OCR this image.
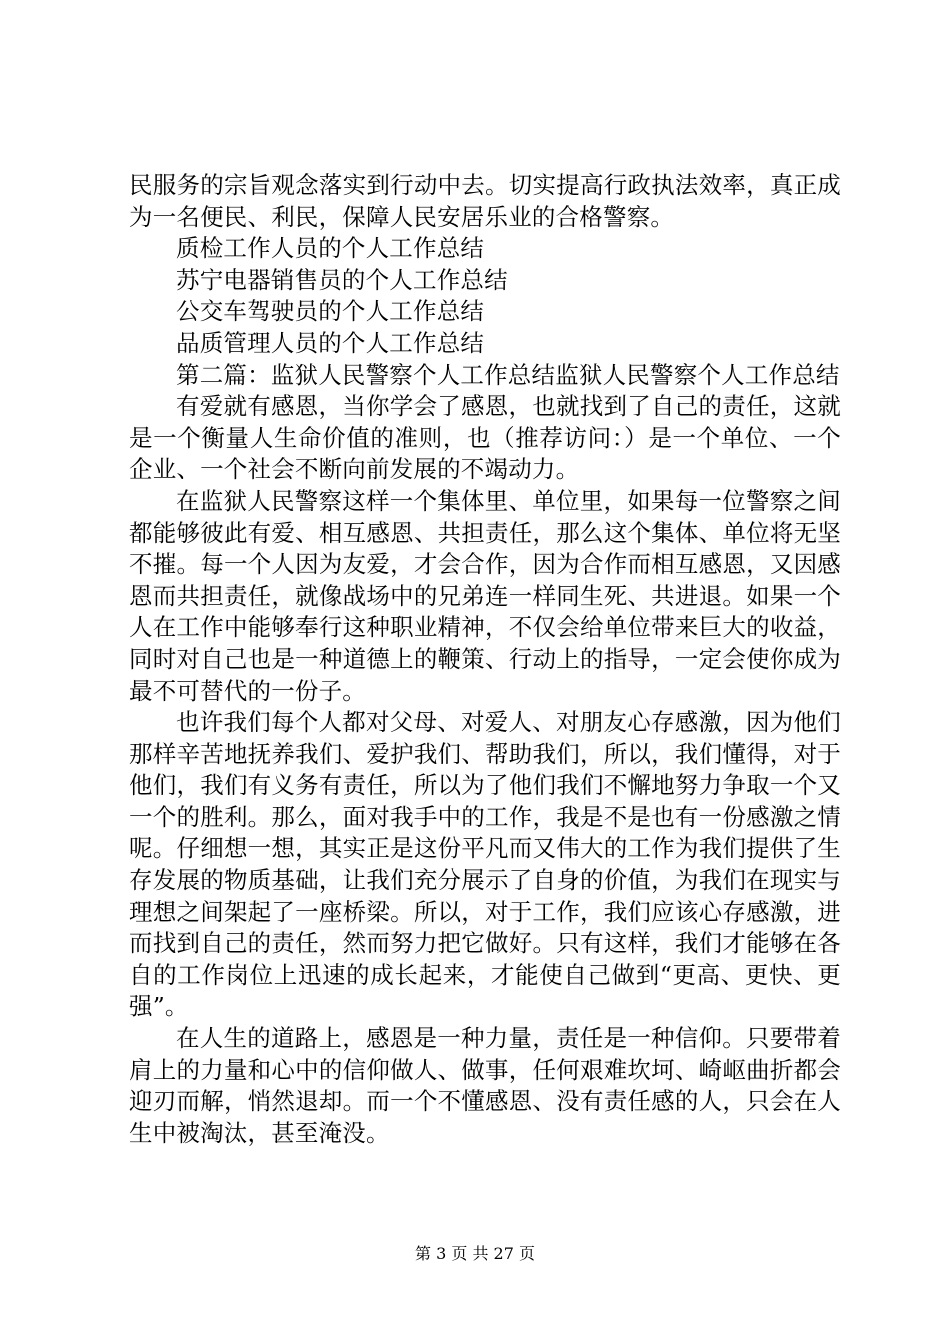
民服务的宗旨观念落实到行动中去。切实提高行政执法效率，真正成为一名便民、利民，保障人民安居乐业的合格警察。

质检工作人员的个人工作总结

苏宁电器销售员的个人工作总结

公交车驾驶员的个人工作总结

品质管理人员的个人工作总结

第二篇：监狱人民警察个人工作总结监狱人民警察个人工作总结

有爱就有感恩，当你学会了感恩，也就找到了自己的责任，这就是一个衡量人生命价值的准则，也（推荐访问：）是一个单位、一个企业、一个社会不断向前发展的不竭动力。

在监狱人民警察这样一个集体里、单位里，如果每一位警察之间都能够彼此有爱、相互感恩、共担责任，那么这个集体、单位将无坚不摧。每一个人因为友爱，才会合作，因为合作而相互感恩，又因感恩而共担责任，就像战场中的兄弟连一样同生死、共进退。如果一个人在工作中能够奉行这种职业精神，不仅会给单位带来巨大的收益，同时对自己也是一种道德上的鞭策、行动上的指导，一定会使你成为最不可替代的一份子。

也许我们每个人都对父母、对爱人、对朋友心存感激，因为他们那样辛苦地抚养我们、爱护我们、帮助我们，所以，我们懂得，对于他们，我们有义务有责任，所以为了他们我们不懈地努力争取一个又一个的胜利。那么，面对我手中的工作，我是不是也有一份感激之情呢。仔细想一想，其实正是这份平凡而又伟大的工作为我们提供了生存发展的物质基础，让我们充分展示了自身的价值，为我们在现实与理想之间架起了一座桥梁。所以，对于工作，我们应该心存感激，进而找到自己的责任，然而努力把它做好。只有这样，我们才能够在各自的工作岗位上迅速的成长起来，才能使自己做到“更高、更快、更强”。

在人生的道路上，感恩是一种力量，责任是一种信仰。只要带着肩上的力量和心中的信仰做人、做事，任何艰难坎坷、崎岖曲折都会迎刃而解，悄然退却。而一个不懂感恩、没有责任感的人，只会在人生中被淘汰，甚至淹没。

第 3 页 共 27 页
